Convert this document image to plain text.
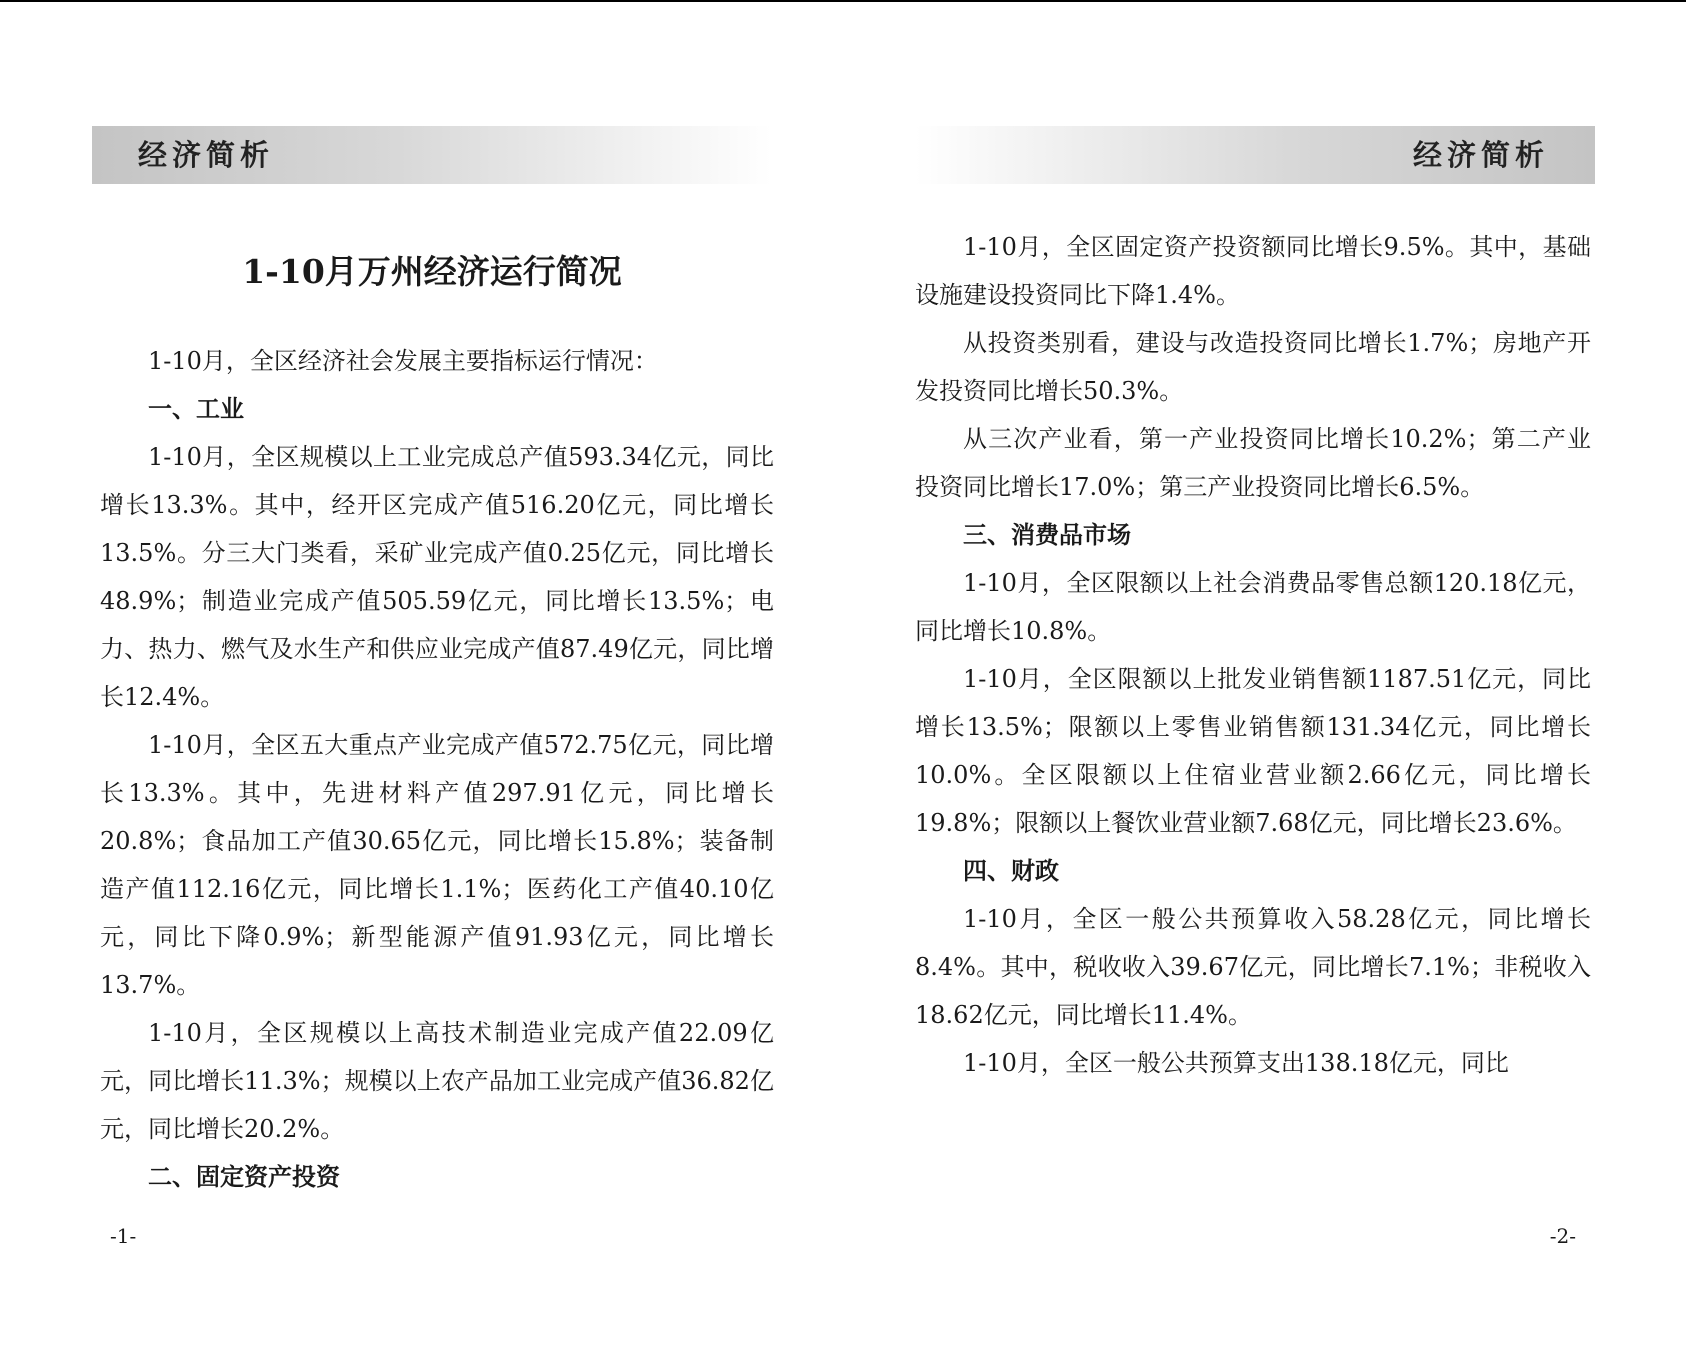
经济简析
1-10月万州经济运行简况

1-10月，全区经济社会发展主要指标运行情况：

一、工业

1-10月，全区规模以上工业完成总产值593.34亿元，同比增长13.3%。其中，经开区完成产值516.20亿元，同比增长13.5%。分三大门类看，采矿业完成产值0.25亿元，同比增长48.9%；制造业完成产值505.59亿元，同比增长13.5%；电力、热力、燃气及水生产和供应业完成产值87.49亿元，同比增长12.4%。

1-10月，全区五大重点产业完成产值572.75亿元，同比增长13.3%。其中，先进材料产值297.91亿元，同比增长20.8%；食品加工产值30.65亿元，同比增长15.8%；装备制造产值112.16亿元，同比增长1.1%；医药化工产值40.10亿元，同比下降0.9%；新型能源产值91.93亿元，同比增长13.7%。

1-10月，全区规模以上高技术制造业完成产值22.09亿元，同比增长11.3%；规模以上农产品加工业完成产值36.82亿元，同比增长20.2%。

二、固定资产投资
-1-
经济简析

1-10月，全区固定资产投资额同比增长9.5%。其中，基础设施建设投资同比下降1.4%。

从投资类别看，建设与改造投资同比增长1.7%；房地产开发投资同比增长50.3%。

从三次产业看，第一产业投资同比增长10.2%；第二产业投资同比增长17.0%；第三产业投资同比增长6.5%。

三、消费品市场

1-10月，全区限额以上社会消费品零售总额120.18亿元，同比增长10.8%。

1-10月，全区限额以上批发业销售额1187.51亿元，同比增长13.5%；限额以上零售业销售额131.34亿元，同比增长10.0%。全区限额以上住宿业营业额2.66亿元，同比增长19.8%；限额以上餐饮业营业额7.68亿元，同比增长23.6%。

四、财政

1-10月，全区一般公共预算收入58.28亿元，同比增长8.4%。其中，税收收入39.67亿元，同比增长7.1%；非税收入18.62亿元，同比增长11.4%。

1-10月，全区一般公共预算支出138.18亿元，同比

-2-
